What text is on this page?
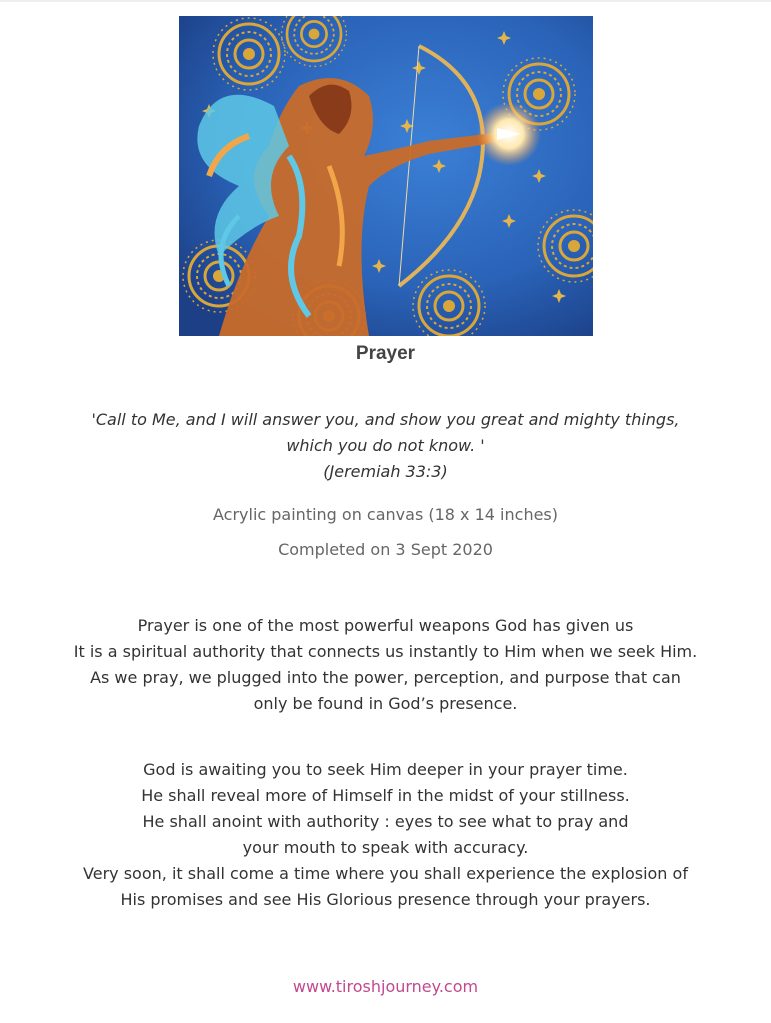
Prayer
'Call to Me, and I will answer you, and show you great and mighty things,
which you do not know. '
(Jeremiah 33:3)
Acrylic painting on canvas (18 x 14 inches)
Completed on 3 Sept 2020
Prayer is one of the most powerful weapons God has given us
It is a spiritual authority that connects us instantly to Him when we seek Him.
As we pray, we plugged into the power, perception, and purpose that can
only be found in God’s presence.
God is awaiting you to seek Him deeper in your prayer time.
He shall reveal more of Himself in the midst of your stillness.
He shall anoint with authority : eyes to see what to pray and
your mouth to speak with accuracy.
Very soon, it shall come a time where you shall experience the explosion of
His promises and see His Glorious presence through your prayers.
www.tiroshjourney.com
